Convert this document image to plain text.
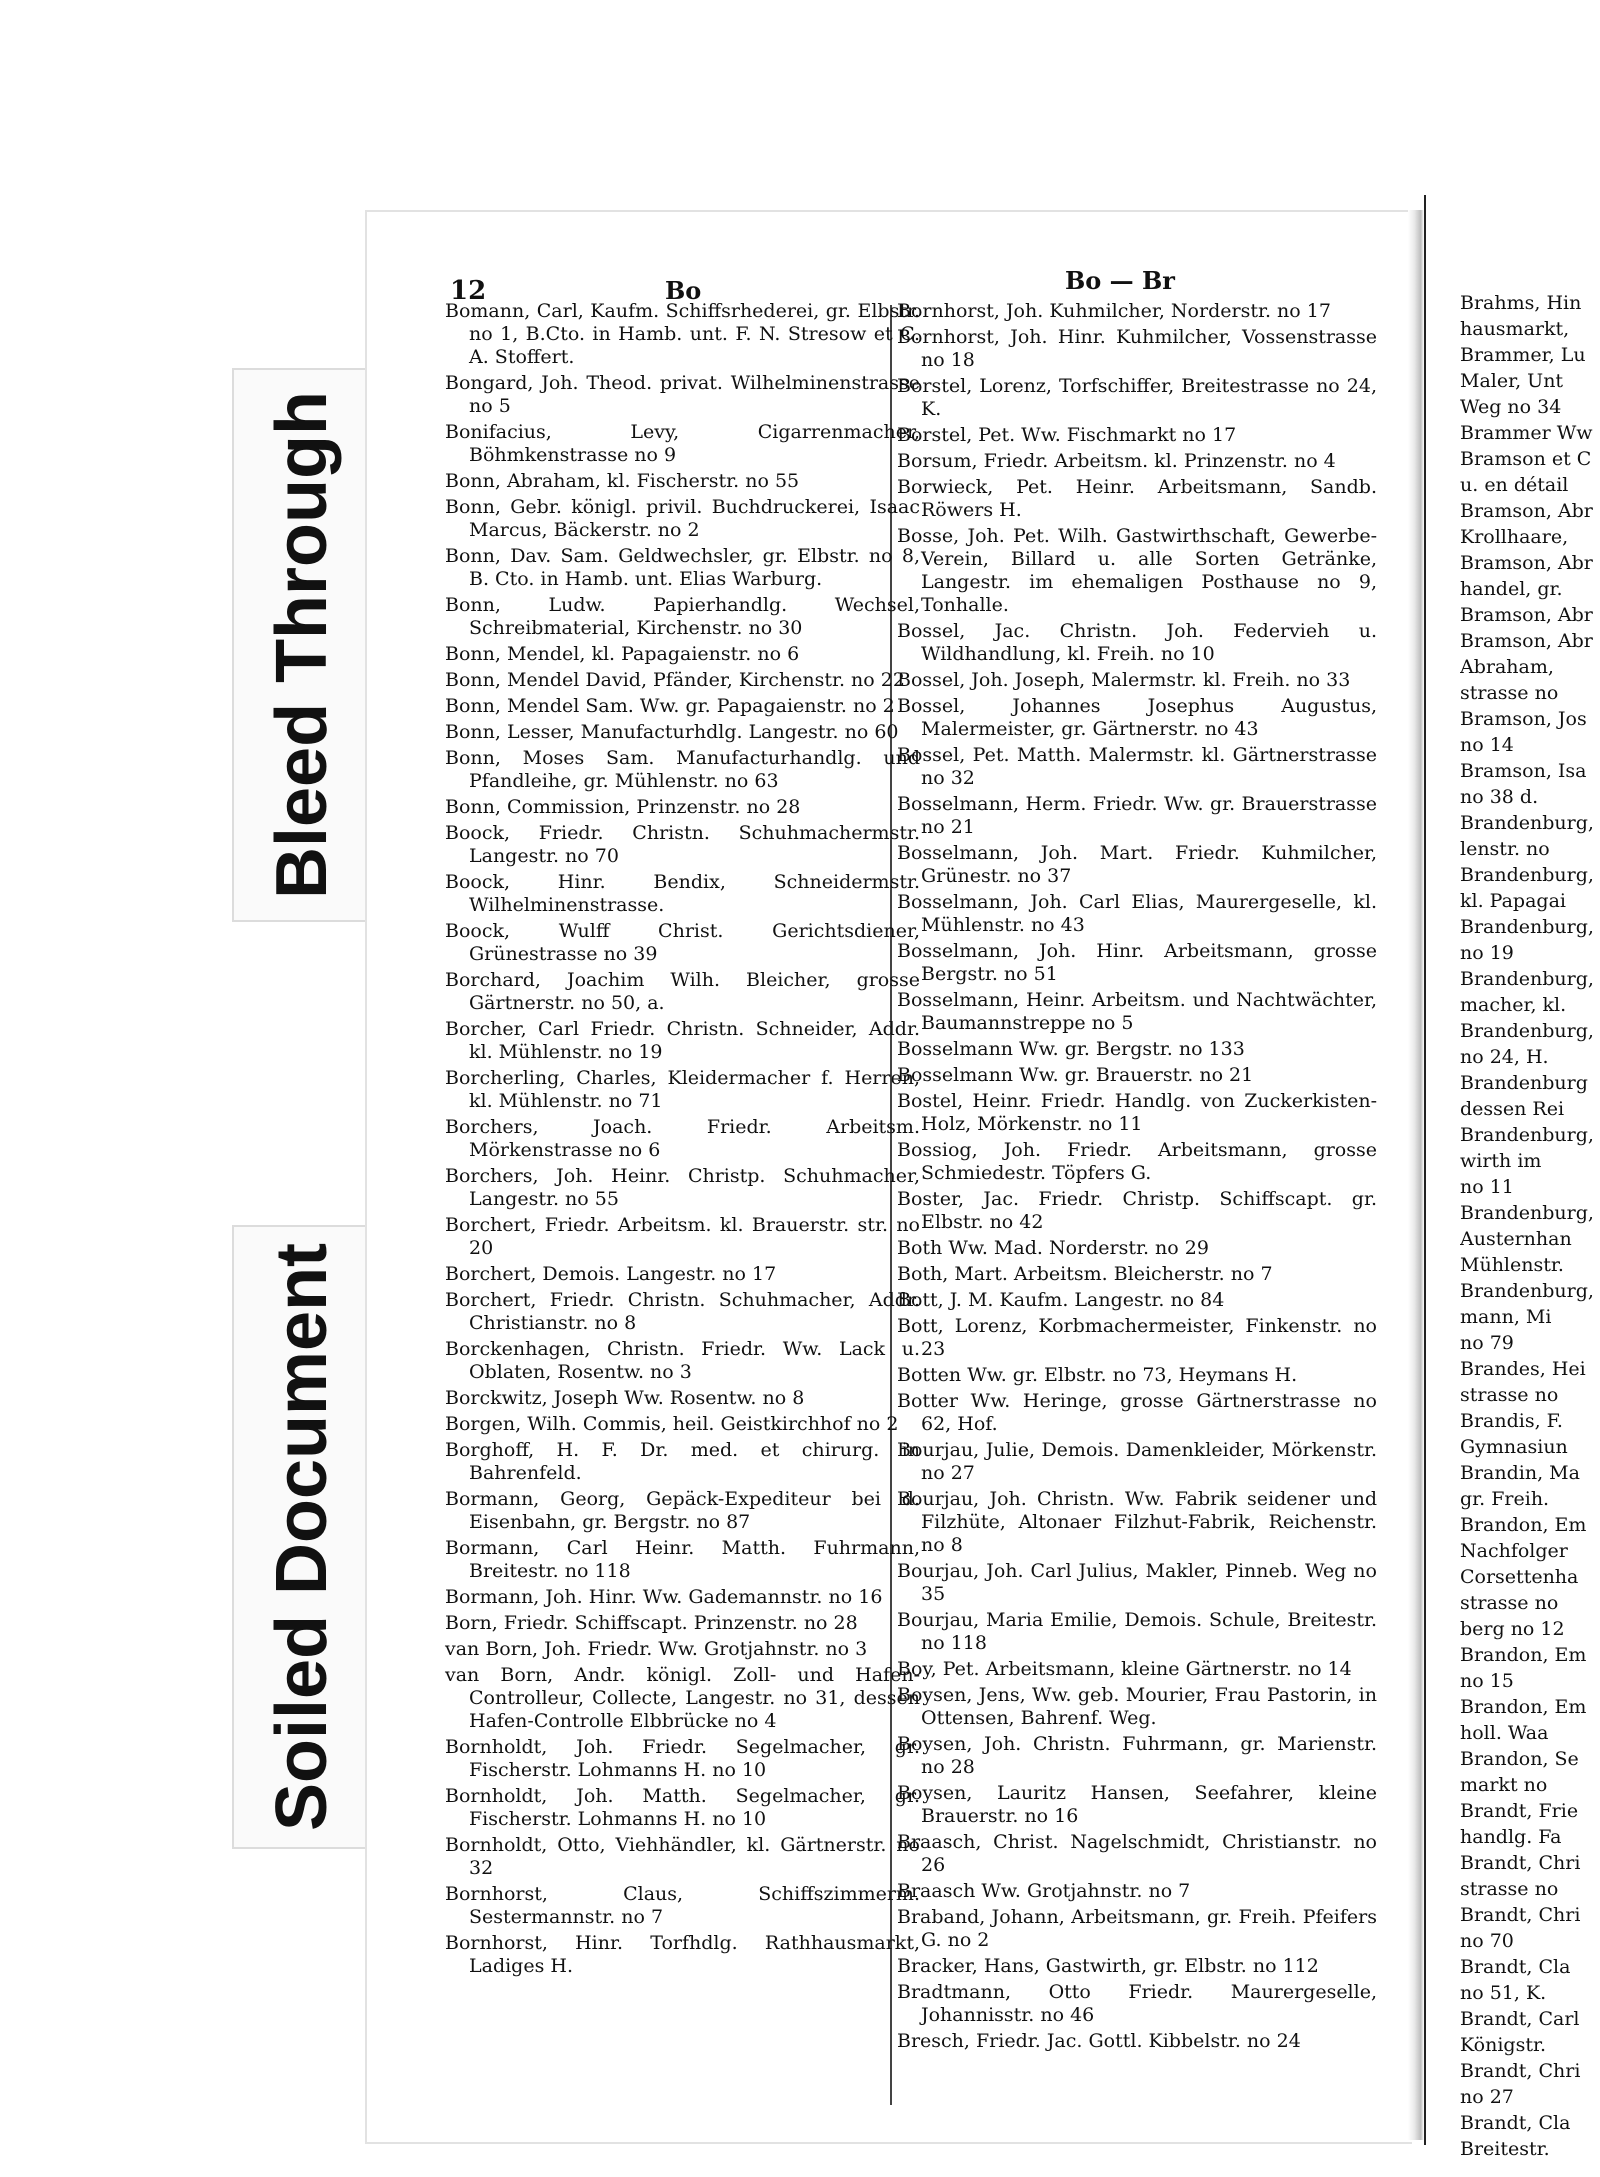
Bleed Through
Soiled Document
12	Bo	Bo — Br

Bomann, Carl, Kaufm. Schiffsrhederei, gr. Elbstr. no 1, B.Cto. in Hamb. unt. F. N. Stresow et C. A. Stoffert.

Bongard, Joh. Theod. privat. Wilhelminenstrasse no 5

Bonifacius, Levy, Cigarrenmacher, Böhmkenstrasse no 9

Bonn, Abraham, kl. Fischerstr. no 55

Bonn, Gebr. königl. privil. Buchdruckerei, Isaac Marcus, Bäckerstr. no 2

Bonn, Dav. Sam. Geldwechsler, gr. Elbstr. no 8, B. Cto. in Hamb. unt. Elias Warburg.

Bonn, Ludw. Papierhandlg. Wechsel, Schreibmaterial, Kirchenstr. no 30

Bonn, Mendel, kl. Papagaienstr. no 6

Bonn, Mendel David, Pfänder, Kirchenstr. no 22

Bonn, Mendel Sam. Ww. gr. Papagaienstr. no 2

Bonn, Lesser, Manufacturhdlg. Langestr. no 60

Bonn, Moses Sam. Manufacturhandlg. und Pfandleihe, gr. Mühlenstr. no 63

Bonn, Commission, Prinzenstr. no 28

Boock, Friedr. Christn. Schuhmachermstr. Langestr. no 70

Boock, Hinr. Bendix, Schneidermstr. Wilhelminenstrasse.

Boock, Wulff Christ. Gerichtsdiener, Grünestrasse no 39

Borchard, Joachim Wilh. Bleicher, grosse Gärtnerstr. no 50, a.

Borcher, Carl Friedr. Christn. Schneider, Addr. kl. Mühlenstr. no 19

Borcherling, Charles, Kleidermacher f. Herren, kl. Mühlenstr. no 71

Borchers, Joach. Friedr. Arbeitsm. Mörkenstrasse no 6

Borchers, Joh. Heinr. Christp. Schuhmacher, Langestr. no 55

Borchert, Friedr. Arbeitsm. kl. Brauerstr. str. no 20

Borchert, Demois. Langestr. no 17

Borchert, Friedr. Christn. Schuhmacher, Addr. Christianstr. no 8

Borckenhagen, Christn. Friedr. Ww. Lack u. Oblaten, Rosentw. no 3

Borckwitz, Joseph Ww. Rosentw. no 8

Borgen, Wilh. Commis, heil. Geistkirchhof no 2

Borghoff, H. F. Dr. med. et chirurg. in Bahrenfeld.

Bormann, Georg, Gepäck-Expediteur bei d. Eisenbahn, gr. Bergstr. no 87

Bormann, Carl Heinr. Matth. Fuhrmann, Breitestr. no 118

Bormann, Joh. Hinr. Ww. Gademannstr. no 16

Born, Friedr. Schiffscapt. Prinzenstr. no 28

van Born, Joh. Friedr. Ww. Grotjahnstr. no 3

van Born, Andr. königl. Zoll- und Hafen-Controlleur, Collecte, Langestr. no 31, dessen Hafen-Controlle Elbbrücke no 4

Bornholdt, Joh. Friedr. Segelmacher, gr. Fischerstr. Lohmanns H. no 10

Bornholdt, Joh. Matth. Segelmacher, gr. Fischerstr. Lohmanns H. no 10

Bornholdt, Otto, Viehhändler, kl. Gärtnerstr. no 32

Bornhorst, Claus, Schiffszimmerm. Sestermannstr. no 7

Bornhorst, Hinr. Torfhdlg. Rathhausmarkt, Ladiges H.

Bornhorst, Joh. Kuhmilcher, Norderstr. no 17

Bornhorst, Joh. Hinr. Kuhmilcher, Vossenstrasse no 18

Borstel, Lorenz, Torfschiffer, Breitestrasse no 24, K.

Borstel, Pet. Ww. Fischmarkt no 17

Borsum, Friedr. Arbeitsm. kl. Prinzenstr. no 4

Borwieck, Pet. Heinr. Arbeitsmann, Sandb. Röwers H.

Bosse, Joh. Pet. Wilh. Gastwirthschaft, Gewerbe-Verein, Billard u. alle Sorten Getränke, Langestr. im ehemaligen Posthause no 9, Tonhalle.

Bossel, Jac. Christn. Joh. Federvieh u. Wildhandlung, kl. Freih. no 10

Bossel, Joh. Joseph, Malermstr. kl. Freih. no 33

Bossel, Johannes Josephus Augustus, Malermeister, gr. Gärtnerstr. no 43

Bossel, Pet. Matth. Malermstr. kl. Gärtnerstrasse no 32

Bosselmann, Herm. Friedr. Ww. gr. Brauerstrasse no 21

Bosselmann, Joh. Mart. Friedr. Kuhmilcher, Grünestr. no 37

Bosselmann, Joh. Carl Elias, Maurergeselle, kl. Mühlenstr. no 43

Bosselmann, Joh. Hinr. Arbeitsmann, grosse Bergstr. no 51

Bosselmann, Heinr. Arbeitsm. und Nachtwächter, Baumannstreppe no 5

Bosselmann Ww. gr. Bergstr. no 133

Bosselmann Ww. gr. Brauerstr. no 21

Bostel, Heinr. Friedr. Handlg. von Zuckerkisten-Holz, Mörkenstr. no 11

Bossiog, Joh. Friedr. Arbeitsmann, grosse Schmiedestr. Töpfers G.

Boster, Jac. Friedr. Christp. Schiffscapt. gr. Elbstr. no 42

Both Ww. Mad. Norderstr. no 29

Both, Mart. Arbeitsm. Bleicherstr. no 7

Bott, J. M. Kaufm. Langestr. no 84

Bott, Lorenz, Korbmachermeister, Finkenstr. no 23

Botten Ww. gr. Elbstr. no 73, Heymans H.

Botter Ww. Heringe, grosse Gärtnerstrasse no 62, Hof.

Bourjau, Julie, Demois. Damenkleider, Mörkenstr. no 27

Bourjau, Joh. Christn. Ww. Fabrik seidener und Filzhüte, Altonaer Filzhut-Fabrik, Reichenstr. no 8

Bourjau, Joh. Carl Julius, Makler, Pinneb. Weg no 35

Bourjau, Maria Emilie, Demois. Schule, Breitestr. no 118

Boy, Pet. Arbeitsmann, kleine Gärtnerstr. no 14

Boysen, Jens, Ww. geb. Mourier, Frau Pastorin, in Ottensen, Bahrenf. Weg.

Boysen, Joh. Christn. Fuhrmann, gr. Marienstr. no 28

Boysen, Lauritz Hansen, Seefahrer, kleine Brauerstr. no 16

Braasch, Christ. Nagelschmidt, Christianstr. no 26

Braasch Ww. Grotjahnstr. no 7

Braband, Johann, Arbeitsmann, gr. Freih. Pfeifers G. no 2

Bracker, Hans, Gastwirth, gr. Elbstr. no 112

Bradtmann, Otto Friedr. Maurergeselle, Johannisstr. no 46

Bresch, Friedr. Jac. Gottl. Kibbelstr. no 24

Brahms, Hin

hausmarkt,

Brammer, Lu

Maler, Unt

Weg no 34

Brammer Ww

Bramson et C

u. en détail

Bramson, Abr

Krollhaare,

Bramson, Abr

handel, gr.

Bramson, Abr

Bramson, Abr

Abraham,

strasse no

Bramson, Jos

no 14

Bramson, Isa

no 38 d.

Brandenburg,

lenstr. no

Brandenburg,

kl. Papagai

Brandenburg,

no 19

Brandenburg,

macher, kl.

Brandenburg,

no 24, H.

Brandenburg

dessen Rei

Brandenburg,

wirth im

no 11

Brandenburg,

Austernhan

Mühlenstr.

Brandenburg,

mann, Mi

no 79

Brandes, Hei

strasse no

Brandis, F.

Gymnasiun

Brandin, Ma

gr. Freih.

Brandon, Em

Nachfolger

Corsettenha

strasse no

berg no 12

Brandon, Em

no 15

Brandon, Em

holl. Waa

Brandon, Se

markt no

Brandt, Frie

handlg. Fa

Brandt, Chri

strasse no

Brandt, Chri

no 70

Brandt, Cla

no 51, K.

Brandt, Carl

Königstr.

Brandt, Chri

no 27

Brandt, Cla

Breitestr.
